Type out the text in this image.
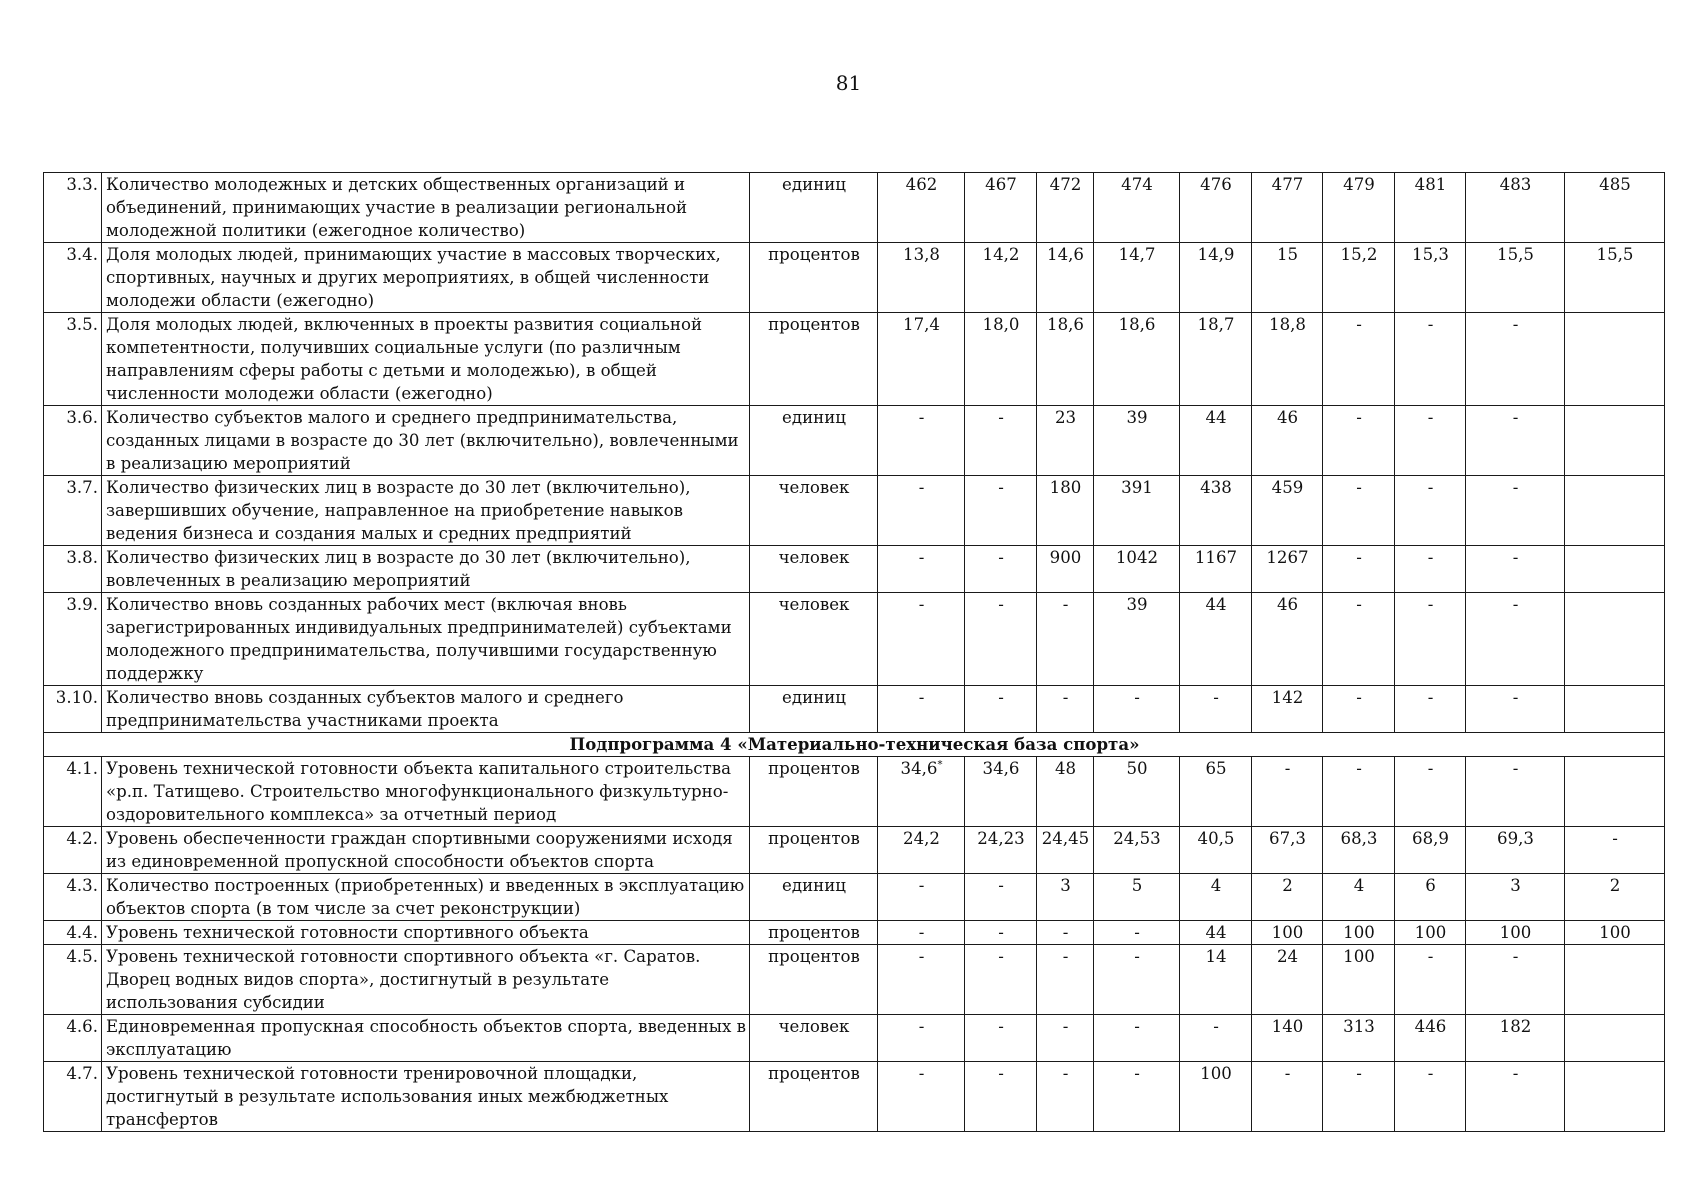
81
3.3.	Количество молодежных и детских общественных организаций и объединений, принимающих участие в реализации региональной молодежной политики (ежегодное количество)	единиц	462	467	472	474	476	477	479	481	483	485
3.4.	Доля молодых людей, принимающих участие в массовых творческих, спортивных, научных и других мероприятиях, в общей численности молодежи области (ежегодно)	процентов	13,8	14,2	14,6	14,7	14,9	15	15,2	15,3	15,5	15,5
3.5.	Доля молодых людей, включенных в проекты развития социальной компетентности, получивших социальные услуги (по различным направлениям сферы работы с детьми и молодежью), в общей численности молодежи области (ежегодно)	процентов	17,4	18,0	18,6	18,6	18,7	18,8	-	-	-	
3.6.	Количество субъектов малого и среднего предпринимательства, созданных лицами в возрасте до 30 лет (включительно), вовлеченными в реализацию мероприятий	единиц	-	-	23	39	44	46	-	-	-	
3.7.	Количество физических лиц в возрасте до 30 лет (включительно), завершивших обучение, направленное на приобретение навыков ведения бизнеса и создания малых и средних предприятий	человек	-	-	180	391	438	459	-	-	-	
3.8.	Количество физических лиц в возрасте до 30 лет (включительно), вовлеченных в реализацию мероприятий	человек	-	-	900	1042	1167	1267	-	-	-	
3.9.	Количество вновь созданных рабочих мест (включая вновь зарегистрированных индивидуальных предпринимателей) субъектами молодежного предпринимательства, получившими государственную поддержку	человек	-	-	-	39	44	46	-	-	-	
3.10.	Количество вновь созданных субъектов малого и среднего предпринимательства участниками проекта	единиц	-	-	-	-	-	142	-	-	-	
Подпрограмма 4 «Материально-техническая база спорта»												
4.1.	Уровень технической готовности объекта капитального строительства «р.п. Татищево. Строительство многофункционального физкультурно-оздоровительного комплекса» за отчетный период	процентов	34,6*	34,6	48	50	65	-	-	-	-	
4.2.	Уровень обеспеченности граждан спортивными сооружениями исходя из единовременной пропускной способности объектов спорта	процентов	24,2	24,23	24,45	24,53	40,5	67,3	68,3	68,9	69,3	-
4.3.	Количество построенных (приобретенных) и введенных в эксплуатацию объектов спорта (в том числе за счет реконструкции)	единиц	-	-	3	5	4	2	4	6	3	2
4.4.	Уровень технической готовности спортивного объекта	процентов	-	-	-	-	44	100	100	100	100	100
4.5.	Уровень технической готовности спортивного объекта «г. Саратов. Дворец водных видов спорта», достигнутый в результате использования субсидии	процентов	-	-	-	-	14	24	100	-	-	
4.6.	Единовременная пропускная способность объектов спорта, введенных в эксплуатацию	человек	-	-	-	-	-	140	313	446	182	
4.7.	Уровень технической готовности тренировочной площадки, достигнутый в результате использования иных межбюджетных трансфертов	процентов	-	-	-	-	100	-	-	-	-	
